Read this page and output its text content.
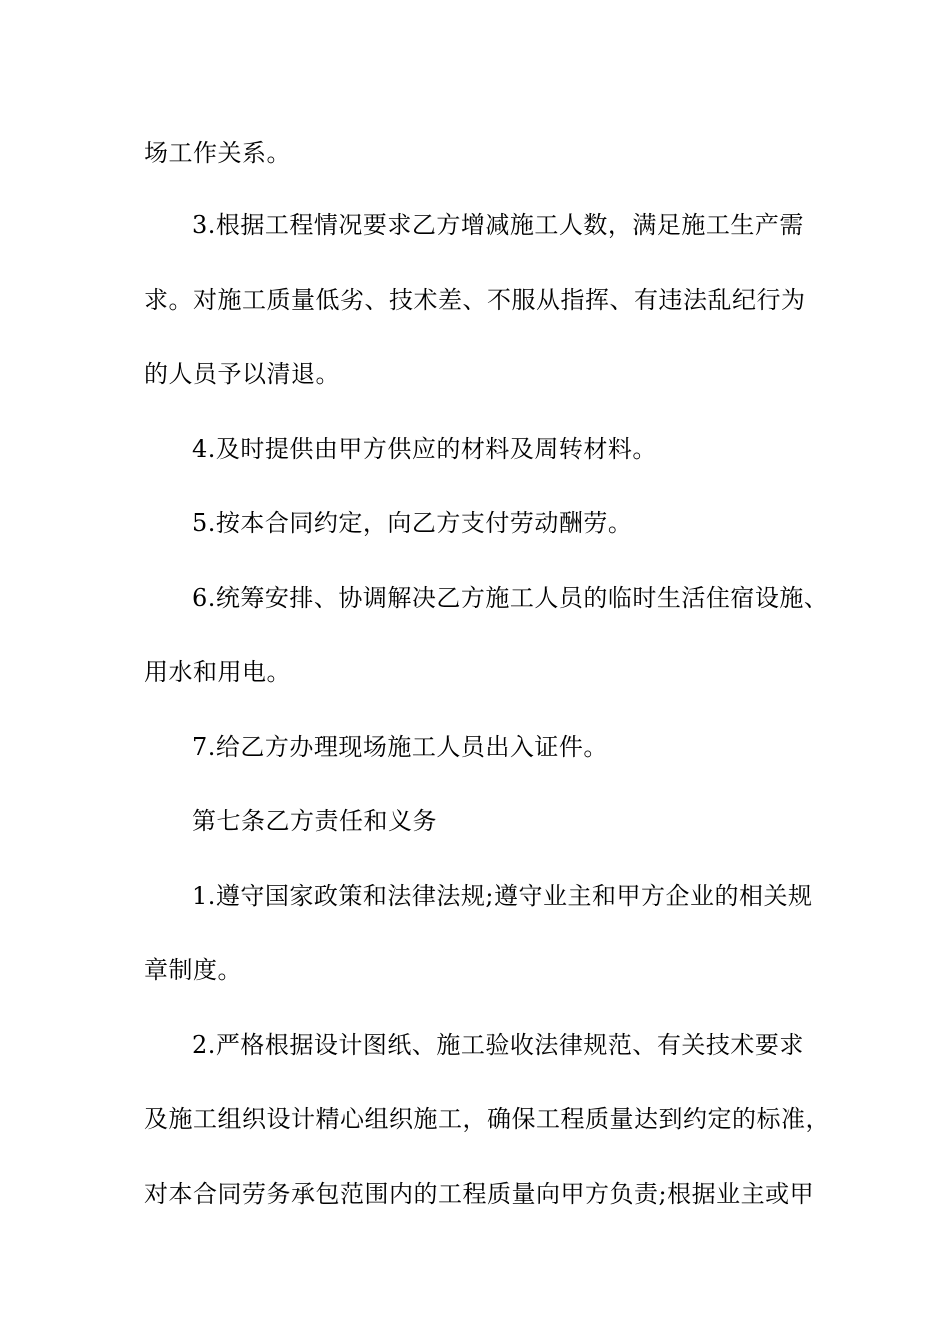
场工作关系。
3.根据工程情况要求乙方增减施工人数，满足施工生产需
求。对施工质量低劣、技术差、不服从指挥、有违法乱纪行为
的人员予以清退。
4.及时提供由甲方供应的材料及周转材料。
5.按本合同约定，向乙方支付劳动酬劳。
6.统筹安排、协调解决乙方施工人员的临时生活住宿设施、
用水和用电。
7.给乙方办理现场施工人员出入证件。
第七条乙方责任和义务
1.遵守国家政策和法律法规;遵守业主和甲方企业的相关规
章制度。
2.严格根据设计图纸、施工验收法律规范、有关技术要求
及施工组织设计精心组织施工，确保工程质量达到约定的标准，
对本合同劳务承包范围内的工程质量向甲方负责;根据业主或甲
